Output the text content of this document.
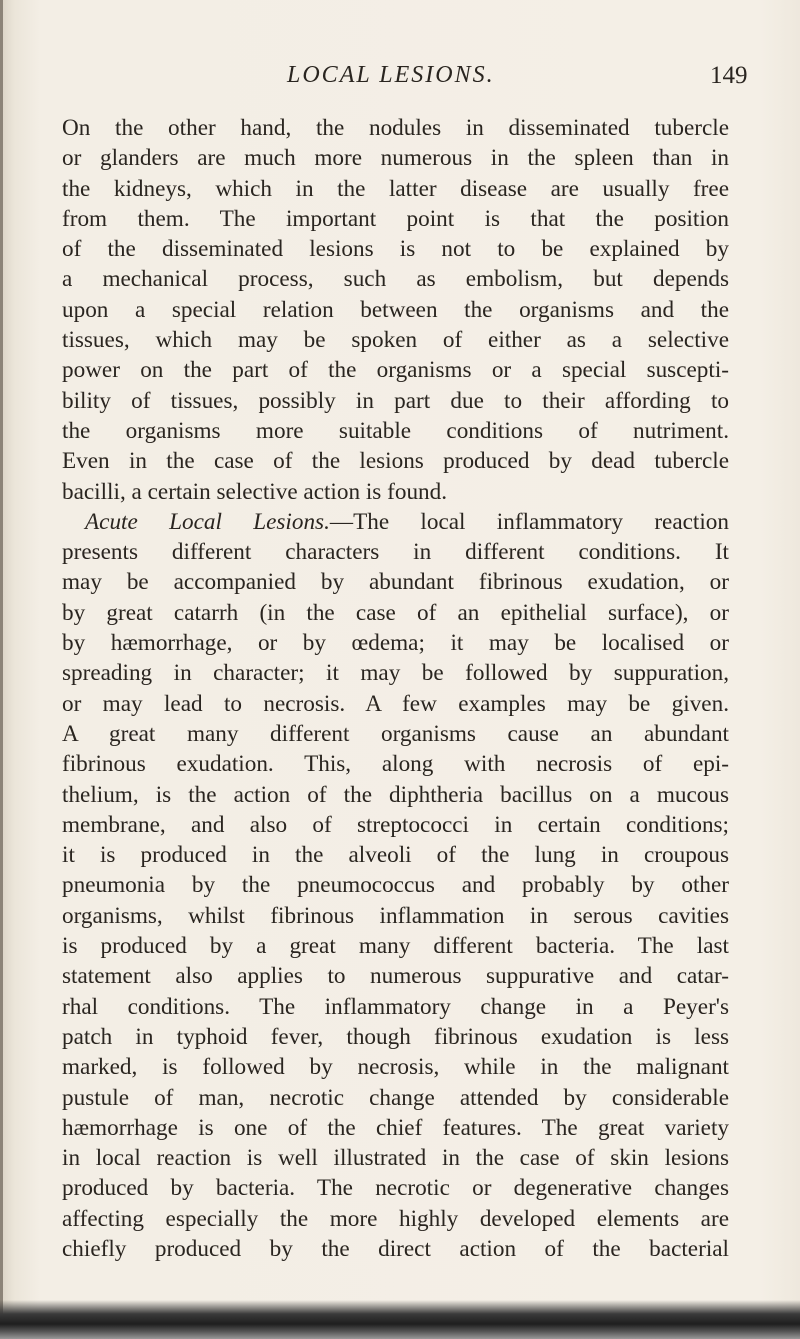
LOCAL LESIONS.	149
On the other hand, the nodules in disseminated tubercle
or glanders are much more numerous in the spleen than in
the kidneys, which in the latter disease are usually free
from them. The important point is that the position
of the disseminated lesions is not to be explained by
a mechanical process, such as embolism, but depends
upon a special relation between the organisms and the
tissues, which may be spoken of either as a selective
power on the part of the organisms or a special suscepti-
bility of tissues, possibly in part due to their affording to
the organisms more suitable conditions of nutriment.
Even in the case of the lesions produced by dead tubercle
bacilli, a certain selective action is found.
Acute Local Lesions.—The local inflammatory reaction
presents different characters in different conditions. It
may be accompanied by abundant fibrinous exudation, or
by great catarrh (in the case of an epithelial surface), or
by hæmorrhage, or by œdema; it may be localised or
spreading in character; it may be followed by suppuration,
or may lead to necrosis. A few examples may be given.
A great many different organisms cause an abundant
fibrinous exudation. This, along with necrosis of epi-
thelium, is the action of the diphtheria bacillus on a mucous
membrane, and also of streptococci in certain conditions;
it is produced in the alveoli of the lung in croupous
pneumonia by the pneumococcus and probably by other
organisms, whilst fibrinous inflammation in serous cavities
is produced by a great many different bacteria. The last
statement also applies to numerous suppurative and catar-
rhal conditions. The inflammatory change in a Peyer's
patch in typhoid fever, though fibrinous exudation is less
marked, is followed by necrosis, while in the malignant
pustule of man, necrotic change attended by considerable
hæmorrhage is one of the chief features. The great variety
in local reaction is well illustrated in the case of skin lesions
produced by bacteria. The necrotic or degenerative changes
affecting especially the more highly developed elements are
chiefly produced by the direct action of the bacterial
